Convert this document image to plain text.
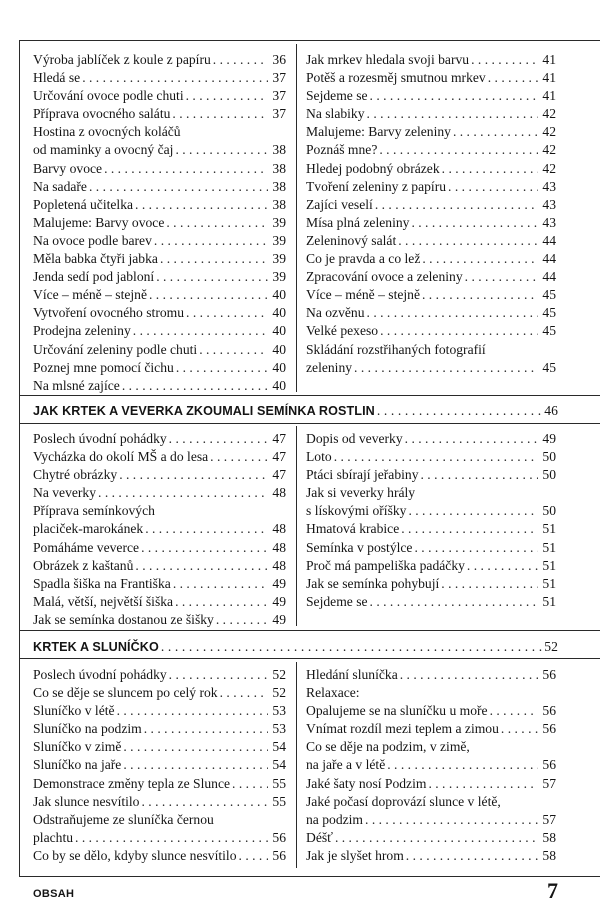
Výroba jablíček z koule z papíru . . .	36
Hledá se . . .	37
Určování ovoce podle chuti . . .	37
Příprava ovocného salátu . . .	37
Hostina z ovocných koláčů
od maminky a ovocný čaj . . .	38
Barvy ovoce . . .	38
Na sadaře . . .	38
Popletená učitelka . . .	38
Malujeme: Barvy ovoce . . .	39
Na ovoce podle barev . . .	39
Měla babka čtyři jabka . . .	39
Jenda sedí pod jabloní . . .	39
Více – méně – stejně . . .	40
Vytvoření ovocného stromu . . .	40
Prodejna zeleniny . . .	40
Určování zeleniny podle chuti . . .	40
Poznej mne pomocí čichu . . .	40
Na mlsné zajíce . . .	40
Jak mrkev hledala svoji barvu . . .	41
Potěš a rozesměj smutnou mrkev . . .	41
Sejdeme se . . .	41
Na slabiky . . .	42
Malujeme: Barvy zeleniny . . .	42
Poznáš mne? . . .	42
Hledej podobný obrázek . . .	42
Tvoření zeleniny z papíru . . .	43
Zajíci veselí . . .	43
Mísa plná zeleniny . . .	43
Zeleninový salát . . .	44
Co je pravda a co lež . . .	44
Zpracování ovoce a zeleniny . . .	44
Více – méně – stejně . . .	45
Na ozvěnu . . .	45
Velké pexeso . . .	45
Skládání rozstřihaných fotografií
zeleniny . . .	45
JAK KRTEK A VEVERKA ZKOUMALI SEMÍNKA ROSTLIN . . .	46
Poslech úvodní pohádky . . .	47
Vycházka do okolí MŠ a do lesa . . .	47
Chytré obrázky . . .	47
Na veverky . . .	48
Příprava semínkových
placiček-marokánek . . .	48
Pomáháme veverce . . .	48
Obrázek z kaštanů . . .	48
Spadla šiška na Františka . . .	49
Malá, větší, největší šiška . . .	49
Jak se semínka dostanou ze šišky . . .	49
Dopis od veverky . . .	49
Loto . . .	50
Ptáci sbírají jeřabiny . . .	50
Jak si veverky hrály
s lískovými oříšky . . .	50
Hmatová krabice . . .	51
Semínka v postýlce . . .	51
Proč má pampeliška padáčky . . .	51
Jak se semínka pohybují . . .	51
Sejdeme se . . .	51
KRTEK A SLUNÍČKO . . .	52
Poslech úvodní pohádky . . .	52
Co se děje se sluncem po celý rok . . .	52
Sluníčko v létě . . .	53
Sluníčko na podzim . . .	53
Sluníčko v zimě . . .	54
Sluníčko na jaře . . .	54
Demonstrace změny tepla ze Slunce . . .	55
Jak slunce nesvítilo . . .	55
Odstraňujeme ze sluníčka černou
plachtu . . .	56
Co by se dělo, kdyby slunce nesvítilo . . .	56
Hledání sluníčka . . .	56
Relaxace:
Opalujeme se na sluníčku u moře . . .	56
Vnímat rozdíl mezi teplem a zimou . . .	56
Co se děje na podzim, v zimě,
na jaře a v létě . . .	56
Jaké šaty nosí Podzim . . .	57
Jaké počasí doprovází slunce v létě,
na podzim . . .	57
Déšť . . .	58
Jak je slyšet hrom . . .	58
OBSAH	7
